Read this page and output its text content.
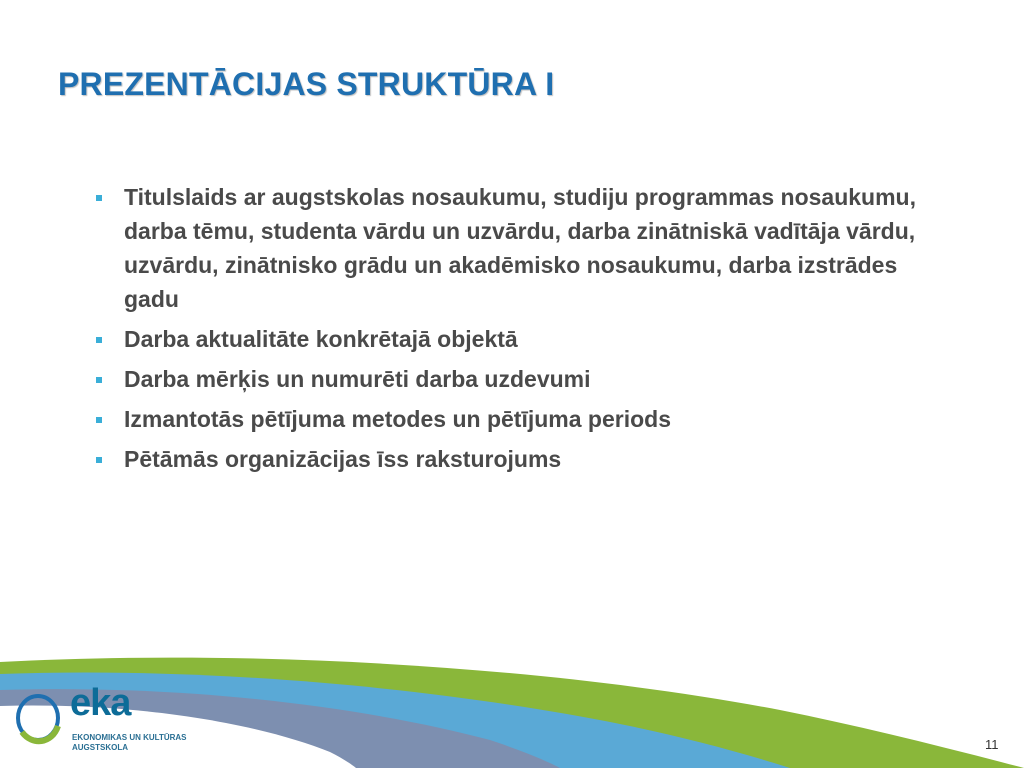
PREZENTĀCIJAS STRUKTŪRA I
Titulslaids ar augstskolas nosaukumu, studiju programmas nosaukumu, darba tēmu, studenta vārdu un uzvārdu, darba zinātniskā vadītāja vārdu, uzvārdu, zinātnisko grādu un akadēmisko nosaukumu, darba izstrādes gadu
Darba aktualitāte konkrētajā objektā
Darba mērķis un numurēti darba uzdevumi
Izmantotās pētījuma metodes un pētījuma periods
Pētāmās organizācijas īss raksturojums
eka
EKONOMIKAS UN KULTŪRAS
AUGSTSKOLA	11
